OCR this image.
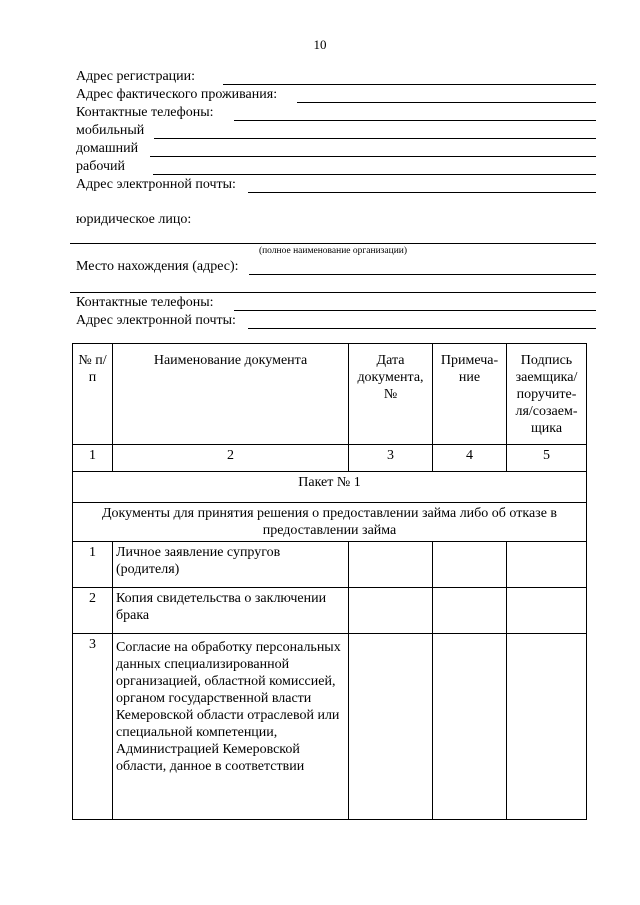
10
Адрес регистрации:
Адрес фактического проживания:
Контактные телефоны:
мобильный
домашний
рабочий
Адрес электронной почты:
юридическое лицо:
(полное наименование организации)
Место нахождения (адрес):
Контактные телефоны:
Адрес электронной почты:
№ п/п	Наименование документа	Дата документа, №	Примеча-ние	Подпись заемщика/ поручите-ля/созаем-щика
1	2	3	4	5
Пакет № 1				
Документы для принятия решения о предоставлении займа либо об отказе в предоставлении займа				
1	Личное заявление супругов (родителя)			
2	Копия свидетельства о заключении брака			
3	Согласие на обработку персональных данных специализированной организацией, областной комиссией, органом государственной власти Кемеровской области отраслевой или специальной компетенции, Администрацией Кемеровской области, данное в соответствии			
